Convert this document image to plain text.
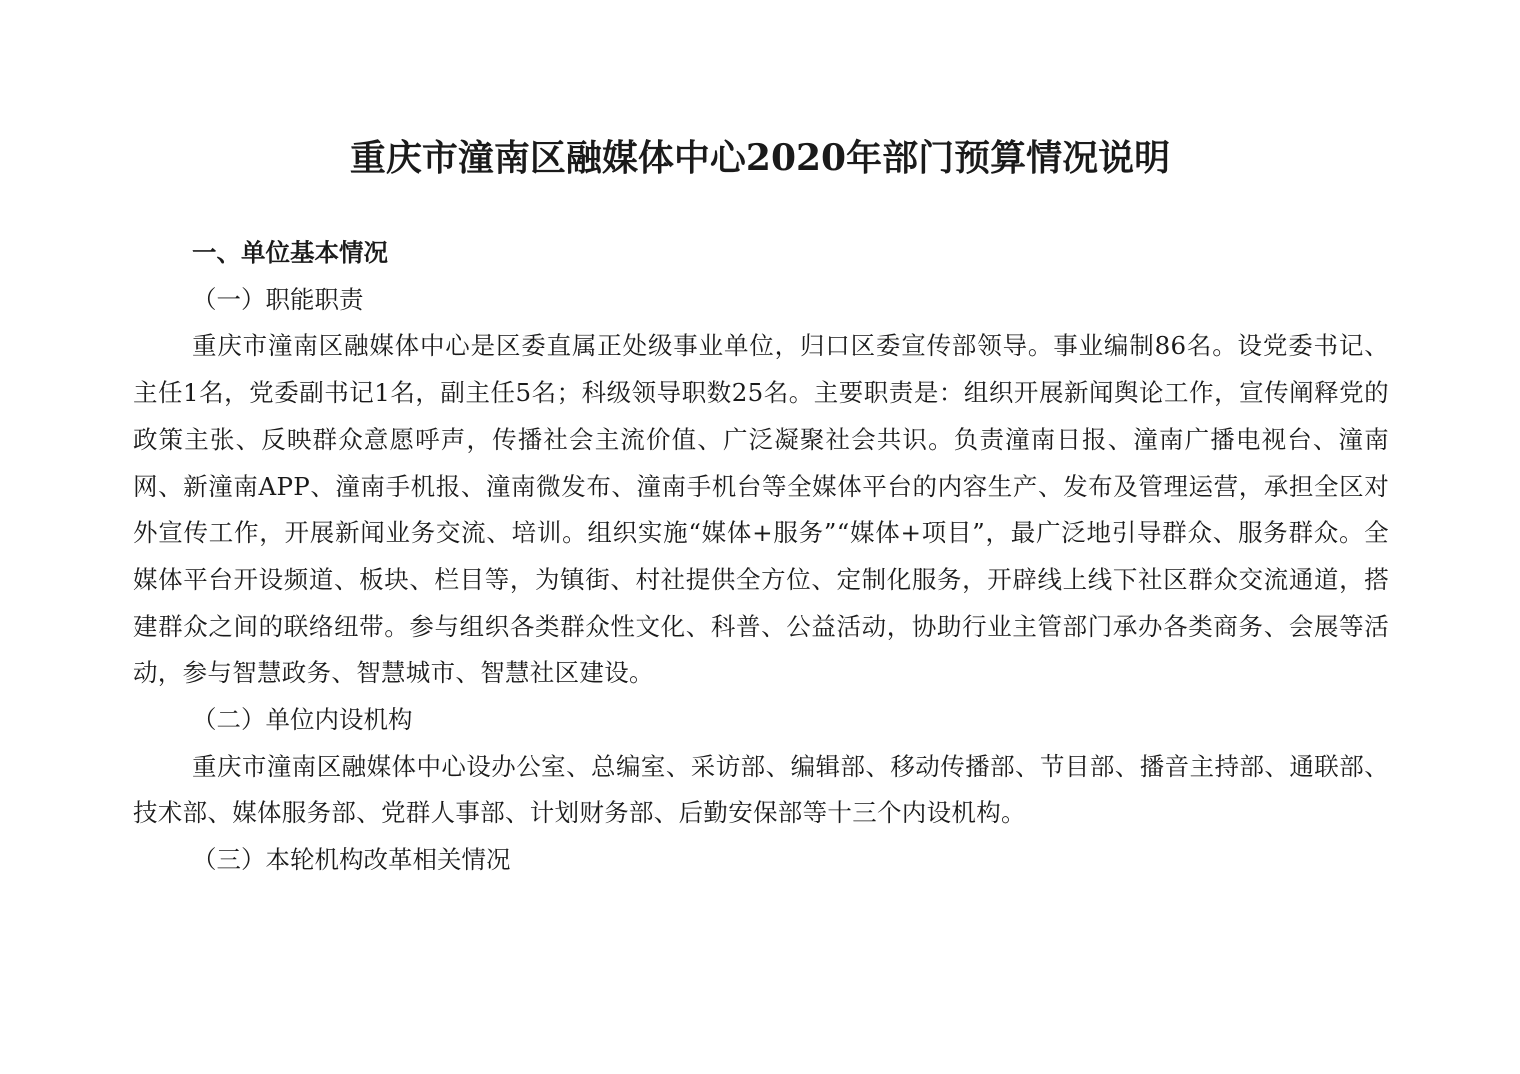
重庆市潼南区融媒体中心2020年部门预算情况说明

一、单位基本情况

（一）职能职责

重庆市潼南区融媒体中心是区委直属正处级事业单位，归口区委宣传部领导。事业编制86名。设党委书记、主任1名，党委副书记1名，副主任5名；科级领导职数25名。主要职责是：组织开展新闻舆论工作，宣传阐释党的政策主张、反映群众意愿呼声，传播社会主流价值、广泛凝聚社会共识。负责潼南日报、潼南广播电视台、潼南网、新潼南APP、潼南手机报、潼南微发布、潼南手机台等全媒体平台的内容生产、发布及管理运营，承担全区对外宣传工作，开展新闻业务交流、培训。组织实施“媒体+服务”“媒体+项目”，最广泛地引导群众、服务群众。全媒体平台开设频道、板块、栏目等，为镇街、村社提供全方位、定制化服务，开辟线上线下社区群众交流通道，搭建群众之间的联络纽带。参与组织各类群众性文化、科普、公益活动，协助行业主管部门承办各类商务、会展等活动，参与智慧政务、智慧城市、智慧社区建设。

（二）单位内设机构

重庆市潼南区融媒体中心设办公室、总编室、采访部、编辑部、移动传播部、节目部、播音主持部、通联部、技术部、媒体服务部、党群人事部、计划财务部、后勤安保部等十三个内设机构。

（三）本轮机构改革相关情况
